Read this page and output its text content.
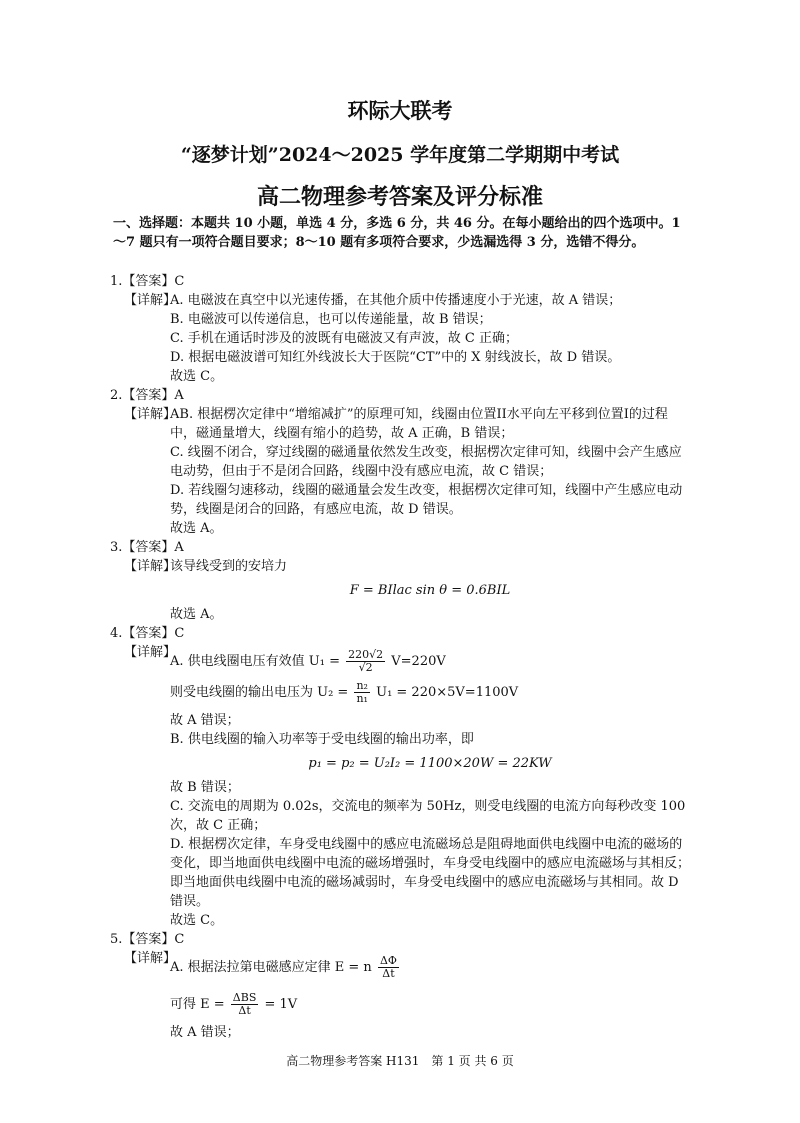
环际大联考
“逐梦计划”2024～2025 学年度第二学期期中考试
高二物理参考答案及评分标准
一、选择题：本题共 10 小题，单选 4 分，多选 6 分，共 46 分。在每小题给出的四个选项中。1～7 题只有一项符合题目要求；8～10 题有多项符合要求，少选漏选得 3 分，选错不得分。

1.【答案】C

【详解】

A. 电磁波在真空中以光速传播，在其他介质中传播速度小于光速，故 A 错误；

B. 电磁波可以传递信息，也可以传递能量，故 B 错误；

C. 手机在通话时涉及的波既有电磁波又有声波，故 C 正确；

D. 根据电磁波谱可知红外线波长大于医院“CT”中的 X 射线波长，故 D 错误。

故选 C。

2.【答案】A

【详解】

AB. 根据楞次定律中“增缩减扩”的原理可知，线圈由位置II水平向左平移到位置I的过程中，磁通量增大，线圈有缩小的趋势，故 A 正确，B 错误；

C. 线圈不闭合，穿过线圈的磁通量依然发生改变，根据楞次定律可知，线圈中会产生感应电动势，但由于不是闭合回路，线圈中没有感应电流，故 C 错误；

D. 若线圈匀速移动，线圈的磁通量会发生改变，根据楞次定律可知，线圈中产生感应电动势，线圈是闭合的回路，有感应电流，故 D 错误。

故选 A。

3.【答案】A

【详解】

该导线受到的安培力

F = BIlac sin θ = 0.6BIL

故选 A。

4.【答案】C

【详解】

A. 供电线圈电压有效值 $U_1 = \frac{220√2}{√2} V=220V$

则受电线圈的输出电压为 $U_2 = \frac{\text{n₂}}{\text{n₁}} U_1 = 220\times 5V=1100V$

故 A 错误；

B. 供电线圈的输入功率等于受电线圈的输出功率，即

p₁ = p₂ = U₂I₂ = 1100×20W = 22KW

故 B 错误；

C. 交流电的周期为 0.02s，交流电的频率为 50Hz，则受电线圈的电流方向每秒改变 100 次，故 C 正确；

D. 根据楞次定律，车身受电线圈中的感应电流磁场总是阻碍地面供电线圈中电流的磁场的变化，即当地面供电线圈中电流的磁场增强时，车身受电线圈中的感应电流磁场与其相反；即当地面供电线圈中电流的磁场减弱时，车身受电线圈中的感应电流磁场与其相同。故 D 错误。

故选 C。

5.【答案】C

【详解】

A. 根据法拉第电磁感应定律 E = n $\frac{\Delta\Phi}{\Delta t}$

可得 $E = \frac{\text{ΔBS}}{\Delta t} = 1V$

故 A 错误；

高二物理参考答案 H131　第 1 页 共 6 页
